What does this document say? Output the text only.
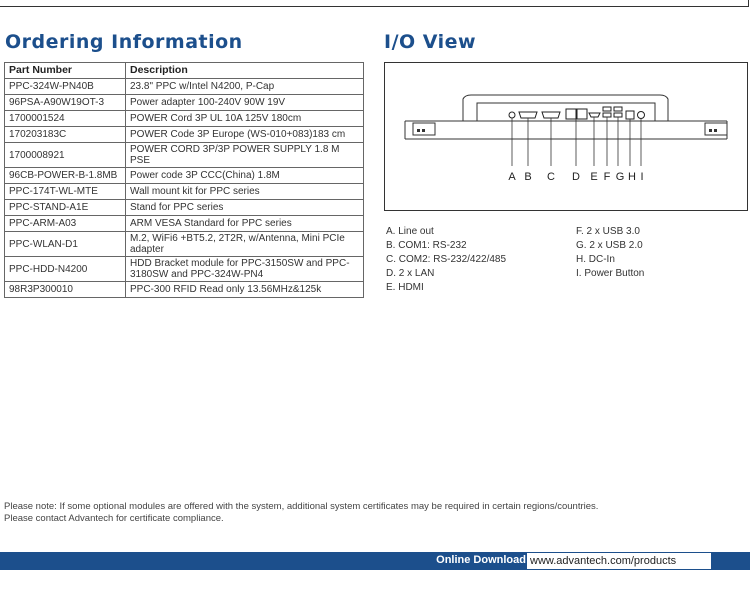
Ordering Information	I/O View
Part Number	Description
PPC-324W-PN40B	23.8" PPC w/Intel N4200, P-Cap
96PSA-A90W19OT-3	Power adapter 100-240V 90W 19V
1700001524	POWER Cord 3P UL 10A 125V 180cm
170203183C	POWER Code 3P Europe (WS-010+083)183 cm
1700008921	POWER CORD 3P/3P POWER SUPPLY 1.8 M PSE
96CB-POWER-B-1.8MB	Power code 3P CCC(China) 1.8M
PPC-174T-WL-MTE	Wall mount kit for PPC series
PPC-STAND-A1E	Stand for PPC series
PPC-ARM-A03	ARM VESA Standard for PPC series
PPC-WLAN-D1	M.2, WiFi6 +BT5.2, 2T2R, w/Antenna, Mini PCIe adapter
PPC-HDD-N4200	HDD Bracket module for PPC-3150SW and PPC-3180SW and PPC-324W-PN4
98R3P300010	PPC-300 RFID Read only 13.56MHz&125k
A B C D E F G H I
A. Line out
B. COM1: RS-232
C. COM2: RS-232/422/485
D. 2 x LAN
E. HDMI
F. 2 x USB 3.0
G. 2 x USB 2.0
H. DC-In
I. Power Button
Please note: If some optional modules are offered with the system, additional system certificates may be required in certain regions/countries.
Please contact Advantech for certificate compliance.
Online Download www.advantech.com/products
